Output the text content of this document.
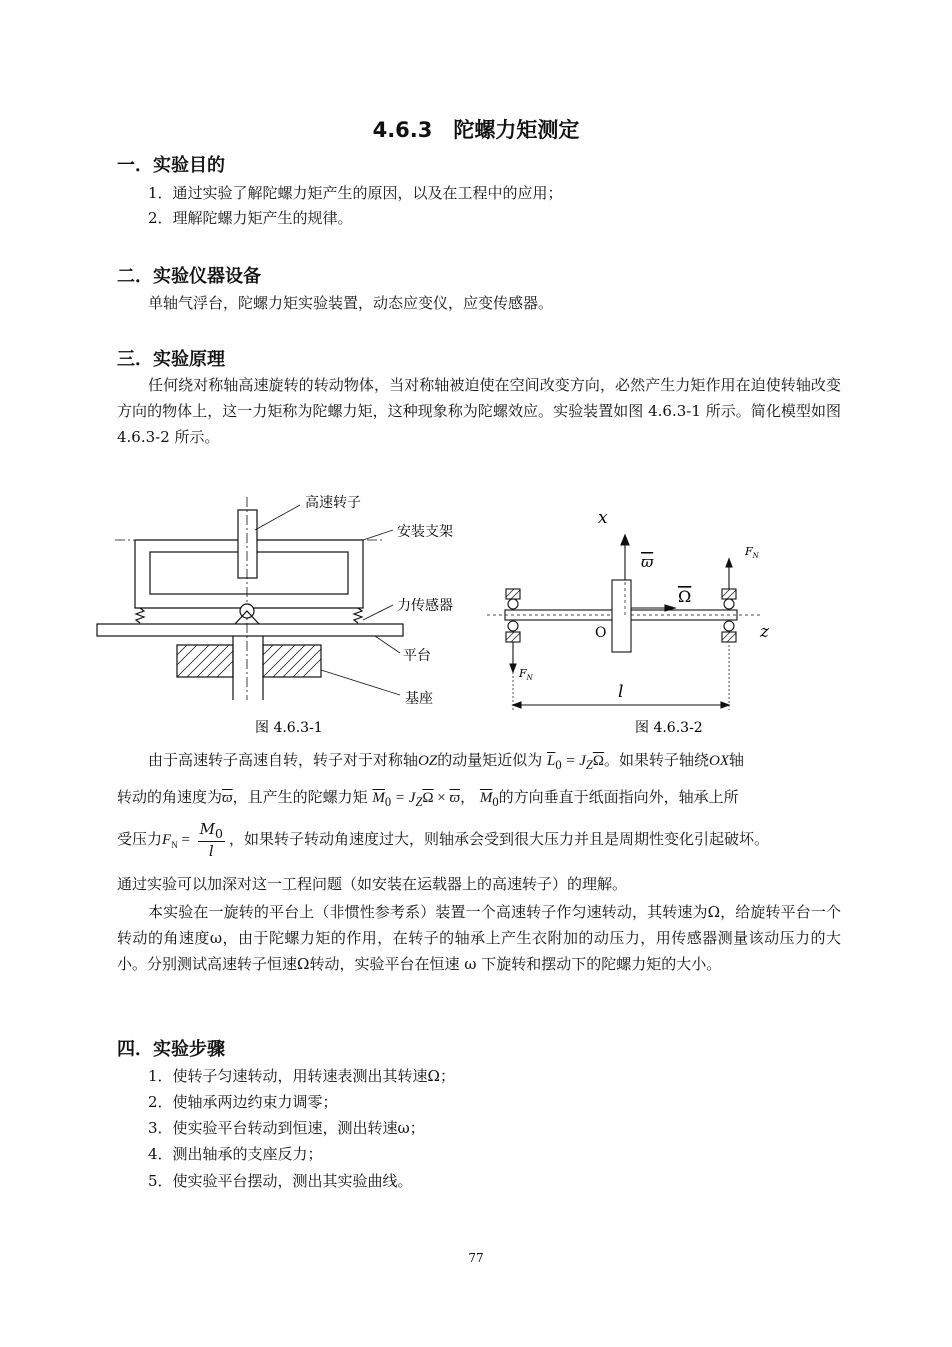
4.6.3　陀螺力矩测定
一．实验目的
1．通过实验了解陀螺力矩产生的原因，以及在工程中的应用；
2．理解陀螺力矩产生的规律。
二．实验仪器设备
单轴气浮台，陀螺力矩实验装置，动态应变仪，应变传感器。
三．实验原理
任何绕对称轴高速旋转的转动物体，当对称轴被迫使在空间改变方向，必然产生力矩作用在迫使转轴改变方向的物体上，这一力矩称为陀螺力矩，这种现象称为陀螺效应。实验装置如图 4.6.3-1 所示。简化模型如图 4.6.3-2 所示。
高速转子
安装支架
力传感器
平台
基座
图 4.6.3-1
x
z
O
ϖ
Ω
$F_N$
$F_N$
l
图 4.6.3-2
由于高速转子高速自转，转子对于对称轴OZ的动量矩近似为 $\overline{L}_0 = J_Z\overline{\Omega}$。如果转子轴绕OX轴
转动的角速度为$\overline{ϖ}$，且产生的陀螺力矩 $\overline{M}_0 = J_Z\overline{\Omega} \times \overline{ϖ}$， $\overline{M}_0$的方向垂直于纸面指向外，轴承上所
受压力$F_N = \frac{M_0}{l}$ ，如果转子转动角速度过大，则轴承会受到很大压力并且是周期性变化引起破坏。
通过实验可以加深对这一工程问题（如安装在运载器上的高速转子）的理解。
本实验在一旋转的平台上（非惯性参考系）装置一个高速转子作匀速转动，其转速为Ω，给旋转平台一个转动的角速度ω，由于陀螺力矩的作用，在转子的轴承上产生衣附加的动压力，用传感器测量该动压力的大小。分别测试高速转子恒速Ω转动，实验平台在恒速 ω 下旋转和摆动下的陀螺力矩的大小。
四．实验步骤
1．使转子匀速转动，用转速表测出其转速Ω；
2．使轴承两边约束力调零；
3．使实验平台转动到恒速，测出转速ω；
4．测出轴承的支座反力；
5．使实验平台摆动，测出其实验曲线。
77
